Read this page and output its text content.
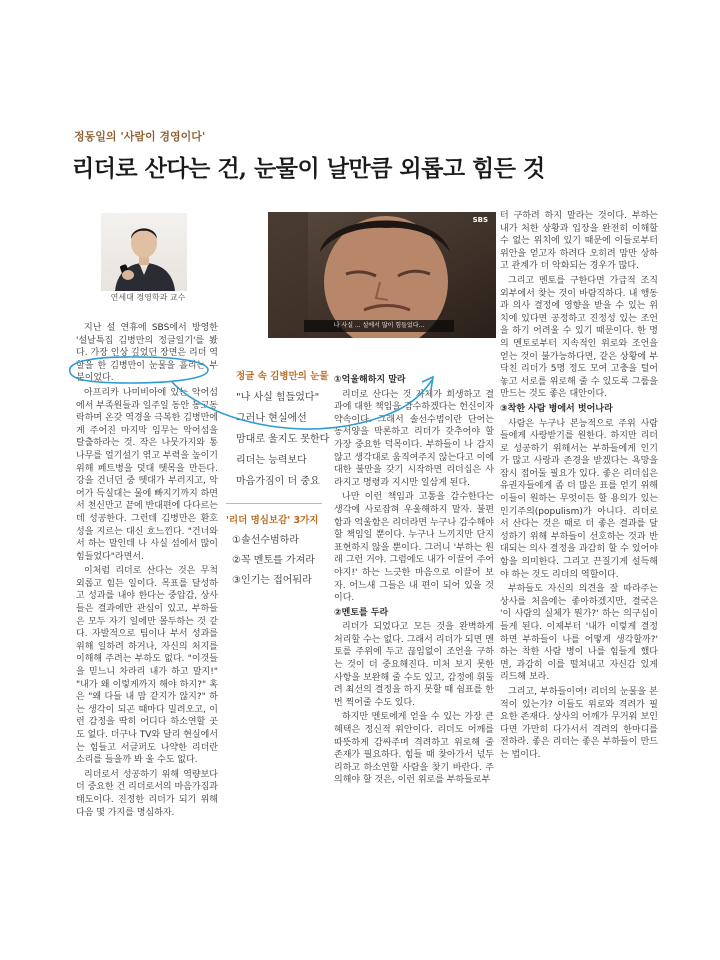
정동일의 '사람이 경영이다'
리더로 산다는 건, 눈물이 날만큼 외롭고 힘든 것
연세대 경영학과 교수
SBS
나 사실 ... 설에서 많이 힘들었다...

지난 설 연휴에 SBS에서 방영한 '설날특집 김병만의 정글일기'를 봤다. 가장 인상 깊었던 장면은 리더 역할을 한 김병만이 눈물을 흘리는 부분이었다.

아프리카 나미비아에 있는 악어섬에서 부족원들과 일주일 동안 동고동락하며 온갖 역경을 극복한 김병만에게 주어진 마지막 임무는 악어섬을 탈출하라는 것. 작은 나뭇가지와 통나무를 얼기설기 엮고 부력을 높이기 위해 페트병을 덧대 뗏목을 만든다. 강을 건너던 중 뗏대가 부러지고, 악어가 득실대는 물에 빠지기까지 하면서 천신만고 끝에 반대편에 다다르는 데 성공한다. 그런데 김병만은 환호성을 지르는 대신 흐느낀다. "건너와서 하는 말인데 나 사실 섬에서 많이 힘들었다"라면서.

이처럼 리더로 산다는 것은 무척 외롭고 힘든 일이다. 목표를 달성하고 성과를 내야 한다는 중압감, 상사들은 결과에만 관심이 있고, 부하들은 모두 자기 일에만 몰두하는 것 같다. 자발적으로 팀이나 부서 성과를 위해 일하려 하거나, 자신의 처지를 이해해 주려는 부하도 없다. "이것들을 믿느니 차라리 내가 하고 말지!" "내가 왜 이렇게까지 해야 하지?" 혹은 "왜 다들 내 맘 같지가 않지?" 하는 생각이 되곤 때마다 밀려오고, 이런 감정을 딱히 어디다 하소연할 곳도 없다. 더구나 TV와 달리 현실에서는 힘들고 서글퍼도 나약한 리더란 소리를 들을까 봐 울 수도 없다.

리더로서 성공하기 위해 역량보다 더 중요한 건 리더로서의 마음가짐과 태도이다. 진정한 리더가 되기 위해 다음 몇 가지를 명심하자.

정글 속 김병만의 눈물
"나 사실 힘들었다"
그러나 현실에선
맘대로 울지도 못한다
리더는 능력보다
마음가짐이 더 중요
'리더 명심보감' 3가지
①솔선수범하라
②꼭 멘토를 가져라
③인기는 접어둬라

①억울해하지 말라

리더로 산다는 것 자체가 희생하고 결과에 대한 책임을 감수하겠다는 헌신이자 약속이다. 그래서 솔선수범이란 단어는 동서양을 막론하고 리더가 갖추어야 할 가장 중요한 덕목이다. 부하들이 나 감지않고 생각대로 움직여주지 않는다고 이에 대한 불만을 갖기 시작하면 리더십은 사라지고 명령과 지시만 일삼게 된다.

나만 이런 책임과 고통을 감수한다는 생각에 사로잡혀 우울해하지 말자. 불편함과 억울함은 리더라면 누구나 감수해야 할 책임일 뿐이다. 누구나 느끼지만 단지 표현하지 않을 뿐이다. 그러니 '부하는 원래 그런 거야. 그럼에도 내가 이끌어 주어야지!' 하는 느긋한 마음으로 이끌어 보자. 어느새 그들은 내 편이 되어 있을 것이다.

②멘토를 두라

리더가 되었다고 모든 것을 완벽하게 처리할 수는 없다. 그래서 리더가 되면 멘토를 주위에 두고 끊임없이 조언을 구하는 것이 더 중요해진다. 미처 보지 못한 사항을 보완해 줄 수도 있고, 감정에 휘둘려 최선의 결정을 하지 못할 때 쉼표를 한 번 찍어줄 수도 있다.

하지만 멘토에게 얻을 수 있는 가장 큰 혜택은 정신적 위안이다. 리더도 어깨를 따뜻하게 감싸주며 격려하고 위로해 줄 존재가 필요하다. 힘들 때 찾아가서 넋두리하고 하소연할 사람을 찾기 바란다. 주의해야 할 것은, 이런 위로를 부하들로부

터 구하려 하지 말라는 것이다. 부하는 내가 처한 상황과 입장을 완전히 이해할 수 없는 위치에 있기 때문에 이들로부터 위안을 얻고자 하려다 오히려 맘만 상하고 관계가 더 악화되는 경우가 많다.

그리고 멘토를 구한다면 가급적 조직 외부에서 찾는 것이 바람직하다. 내 행동과 의사 결정에 영향을 받을 수 있는 위치에 있다면 공정하고 진정성 있는 조언을 하기 어려울 수 있기 때문이다. 한 명의 멘토로부터 지속적인 위로와 조언을 얻는 것이 불가능하다면, 같은 상황에 부닥친 리더가 5명 정도 모여 고충을 털어놓고 서로를 위로해 줄 수 있도록 그룹을 만드는 것도 좋은 대안이다.

③착한 사람 병에서 벗어나라

사람은 누구나 본능적으로 주위 사람들에게 사랑받기를 원한다. 하지만 리더로 성공하기 위해서는 부하들에게 인기가 많고 사랑과 존경을 받겠다는 욕망을 잠시 접어둘 필요가 있다. 좋은 리더십은 유권자들에게 좀 더 많은 표를 얻기 위해 이들이 원하는 무엇이든 할 용의가 있는 인기주의(populism)가 아니다. 리더로서 산다는 것은 때로 더 좋은 결과를 달성하기 위해 부하들이 선호하는 것과 반대되는 의사 결정을 과감히 할 수 있어야 함을 의미한다. 그리고 끈질기게 설득해야 하는 것도 리더의 역할이다.

부하들도 자신의 의견을 잘 따라주는 상사를 처음에는 좋아하겠지만, 결국은 '이 사람의 실체가 뭔가?' 하는 의구심이 들게 된다. 이제부터 '내가 이렇게 결정하면 부하들이 나를 어떻게 생각할까?' 하는 착한 사람 병이 나를 힘들게 했다면, 과감히 이를 떨쳐내고 자신감 있게 리드해 보라.

그리고, 부하들이여! 리더의 눈물을 본 적이 있는가? 이들도 위로와 격려가 필요한 존재다. 상사의 어깨가 무거워 보인다면 가만히 다가서서 격려의 한마디를 전하라. 좋은 리더는 좋은 부하들이 만드는 법이다.
